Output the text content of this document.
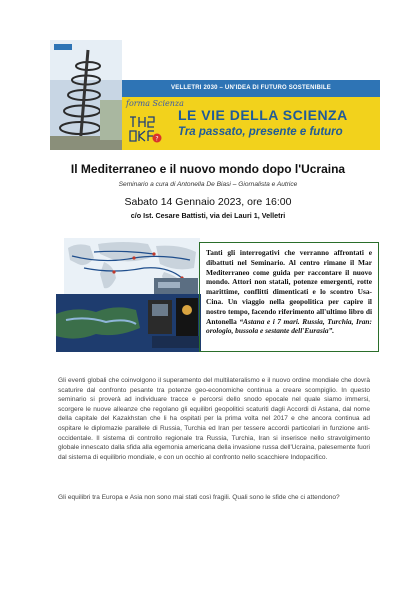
VELLETRI 2030 – UN'IDEA DI FUTURO SOSTENIBILE
forma Scienza
?
LE VIE DELLA SCIENZA
Tra passato, presente e futuro
Il Mediterraneo e il nuovo mondo dopo l'Ucraina
Seminario a cura di Antonella De Biasi – Giornalista e Autrice
Sabato 14 Gennaio 2023, ore 16:00
c/o Ist. Cesare Battisti, via dei Lauri 1, Velletri

Tanti gli interrogativi che verranno affrontati e dibattuti nel Seminario. Al centro rimane il Mar Mediterraneo come guida per raccontare il nuovo mondo. Attori non statali, potenze emergenti, rotte marittime, conflitti dimenticati e lo scontro Usa-Cina. Un viaggio nella geopolitica per capire il nostro tempo, facendo riferimento all'ultimo libro di Antonella “Astana e i 7 mari. Russia, Turchia, Iran: orologio, bussola e sestante dell'Eurasia”.

Gli eventi globali che coinvolgono il superamento del multilateralismo e il nuovo ordine mondiale che dovrà scaturire dal confronto pesante tra potenze geo-economiche continua a creare scompiglio. In questo seminario si proverà ad individuare tracce e percorsi dello snodo epocale nel quale siamo immersi, scorgere le nuove alleanze che regolano gli equilibri geopolitici scaturiti dagli Accordi di Astana, dal nome della capitale del Kazakhstan che li ha ospitati per la prima volta nel 2017 e che ancora continua ad ospitare le diplomazie parallele di Russia, Turchia ed Iran per tessere accordi particolari in funzione anti-occidentale. Il sistema di controllo regionale tra Russia, Turchia, Iran si inserisce nello stravolgimento globale innescato dalla sfida alla egemonia americana della invasione russa dell'Ucraina, palesemente fuori dal sistema di equilibrio mondiale, e con un occhio al confronto nello scacchiere Indopacifico.

Gli equilibri tra Europa e Asia non sono mai stati così fragili. Quali sono le sfide che ci attendono?
